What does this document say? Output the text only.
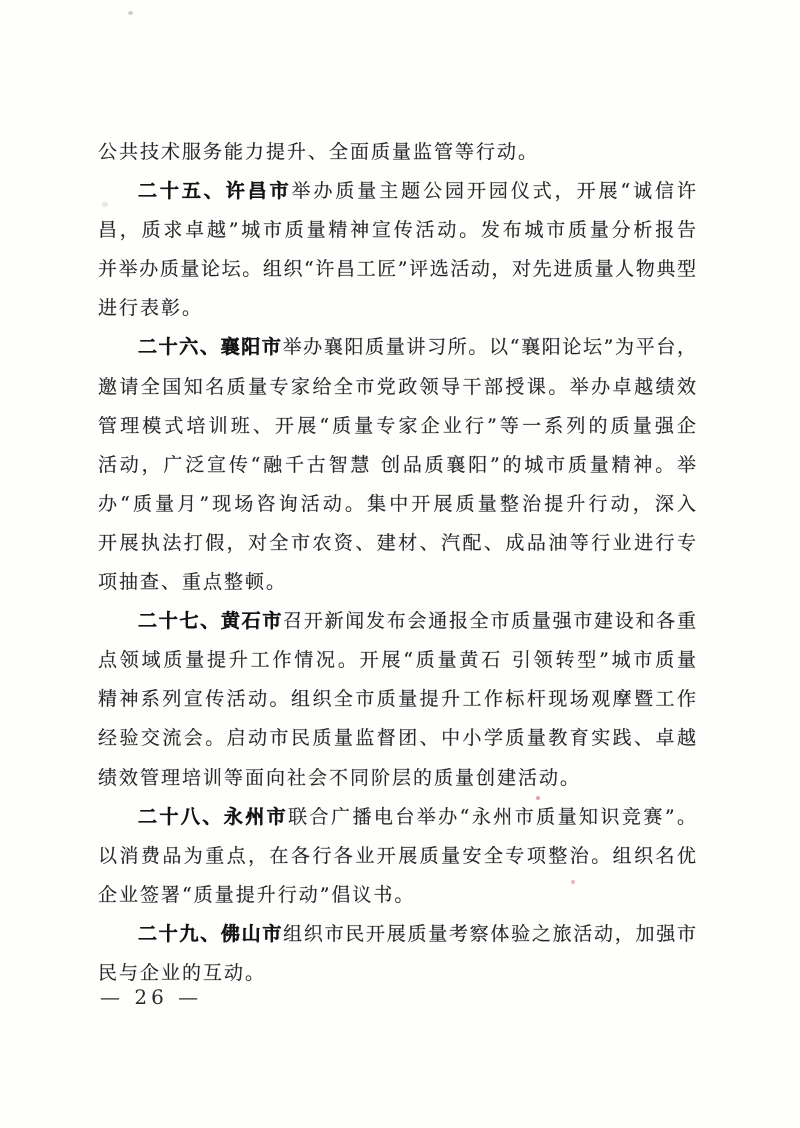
公共技术服务能力提升、全面质量监管等行动。
二十五、许昌市举办质量主题公园开园仪式，开展“诚信许
昌，质求卓越”城市质量精神宣传活动。发布城市质量分析报告
并举办质量论坛。组织“许昌工匠”评选活动，对先进质量人物典型
进行表彰。
二十六、襄阳市举办襄阳质量讲习所。以“襄阳论坛”为平台，
邀请全国知名质量专家给全市党政领导干部授课。举办卓越绩效
管理模式培训班、开展“质量专家企业行”等一系列的质量强企
活动，广泛宣传“融千古智慧 创品质襄阳”的城市质量精神。举
办“质量月”现场咨询活动。集中开展质量整治提升行动，深入
开展执法打假，对全市农资、建材、汽配、成品油等行业进行专
项抽查、重点整顿。
二十七、黄石市召开新闻发布会通报全市质量强市建设和各重
点领域质量提升工作情况。开展“质量黄石 引领转型”城市质量
精神系列宣传活动。组织全市质量提升工作标杆现场观摩暨工作
经验交流会。启动市民质量监督团、中小学质量教育实践、卓越
绩效管理培训等面向社会不同阶层的质量创建活动。
二十八、永州市联合广播电台举办“永州市质量知识竞赛”。
以消费品为重点，在各行各业开展质量安全专项整治。组织名优
企业签署“质量提升行动”倡议书。
二十九、佛山市组织市民开展质量考察体验之旅活动，加强市
民与企业的互动。
— 26 —
